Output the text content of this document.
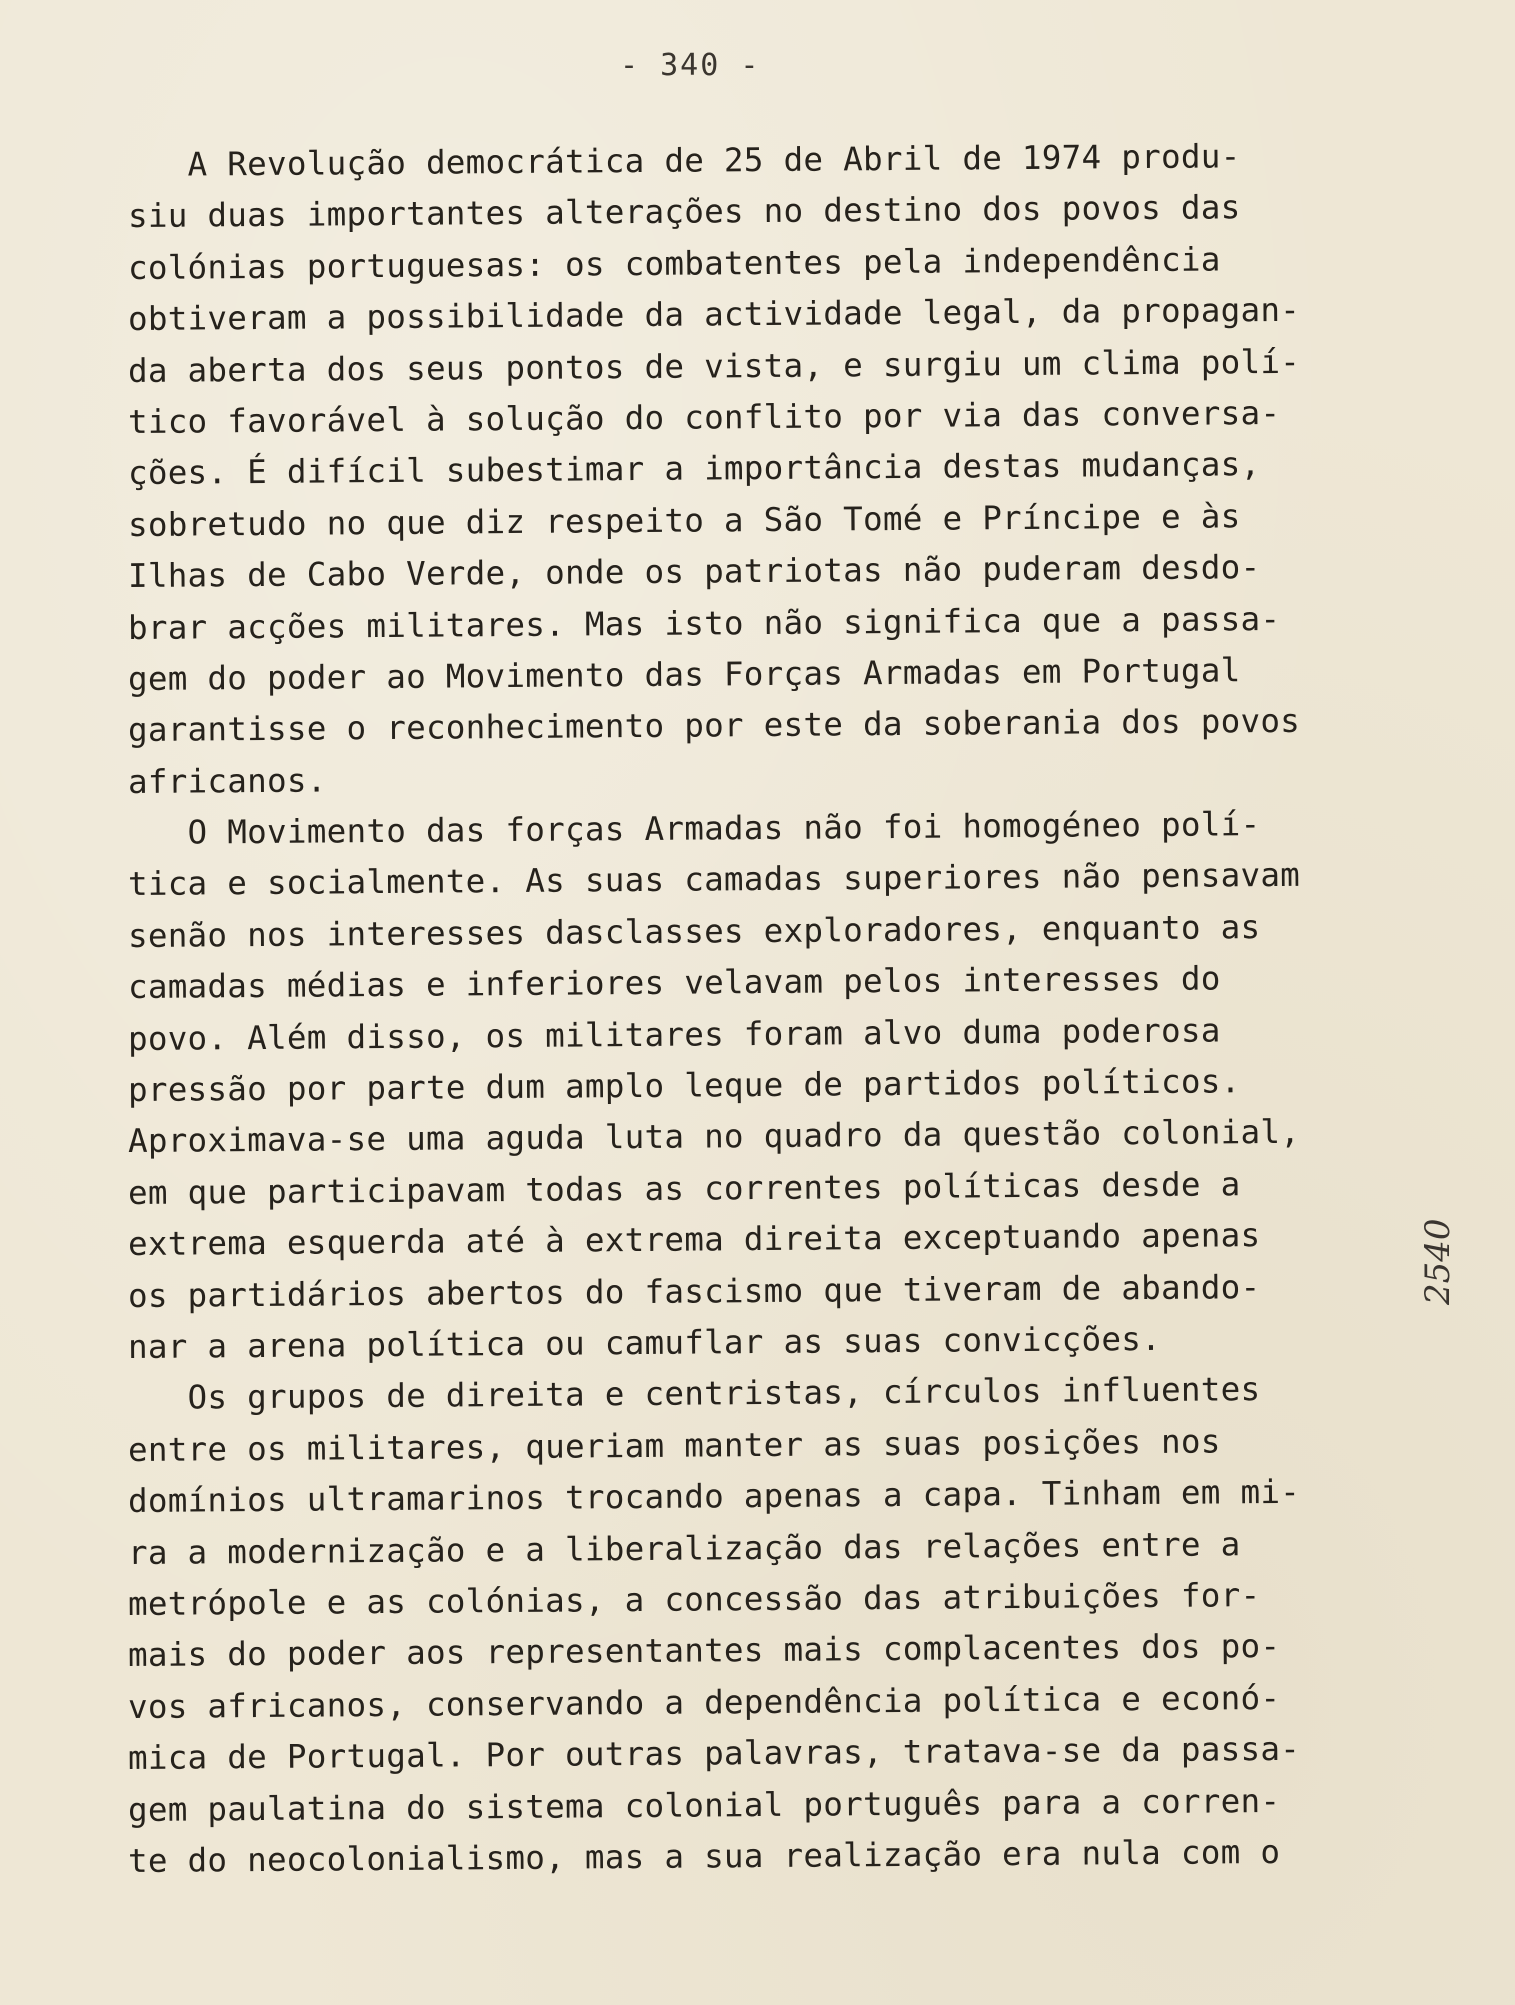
- 340 -
A Revolução democrática de 25 de Abril de 1974 produ-
siu duas importantes alterações no destino dos povos das
colónias portuguesas: os combatentes pela independência
obtiveram a possibilidade da actividade legal, da propagan-
da aberta dos seus pontos de vista, e surgiu um clima polí-
tico favorável à solução do conflito por via das conversa-
ções. É difícil subestimar a importância destas mudanças,
sobretudo no que diz respeito a São Tomé e Príncipe e às
Ilhas de Cabo Verde, onde os patriotas não puderam desdo-
brar acções militares. Mas isto não significa que a passa-
gem do poder ao Movimento das Forças Armadas em Portugal
garantisse o reconhecimento por este da soberania dos povos
africanos.
O Movimento das forças Armadas não foi homogéneo polí-
tica e socialmente. As suas camadas superiores não pensavam
senão nos interesses dasclasses exploradores, enquanto as
camadas médias e inferiores velavam pelos interesses do
povo. Além disso, os militares foram alvo duma poderosa
pressão por parte dum amplo leque de partidos políticos.
Aproximava-se uma aguda luta no quadro da questão colonial,
em que participavam todas as correntes políticas desde a
extrema esquerda até à extrema direita exceptuando apenas
os partidários abertos do fascismo que tiveram de abando-
nar a arena política ou camuflar as suas convicções.
Os grupos de direita e centristas, círculos influentes
entre os militares, queriam manter as suas posições nos
domínios ultramarinos trocando apenas a capa. Tinham em mi-
ra a modernização e a liberalização das relações entre a
metrópole e as colónias, a concessão das atribuições for-
mais do poder aos representantes mais complacentes dos po-
vos africanos, conservando a dependência política e econó-
mica de Portugal. Por outras palavras, tratava-se da passa-
gem paulatina do sistema colonial português para a corren-
te do neocolonialismo, mas a sua realização era nula com o
2540
